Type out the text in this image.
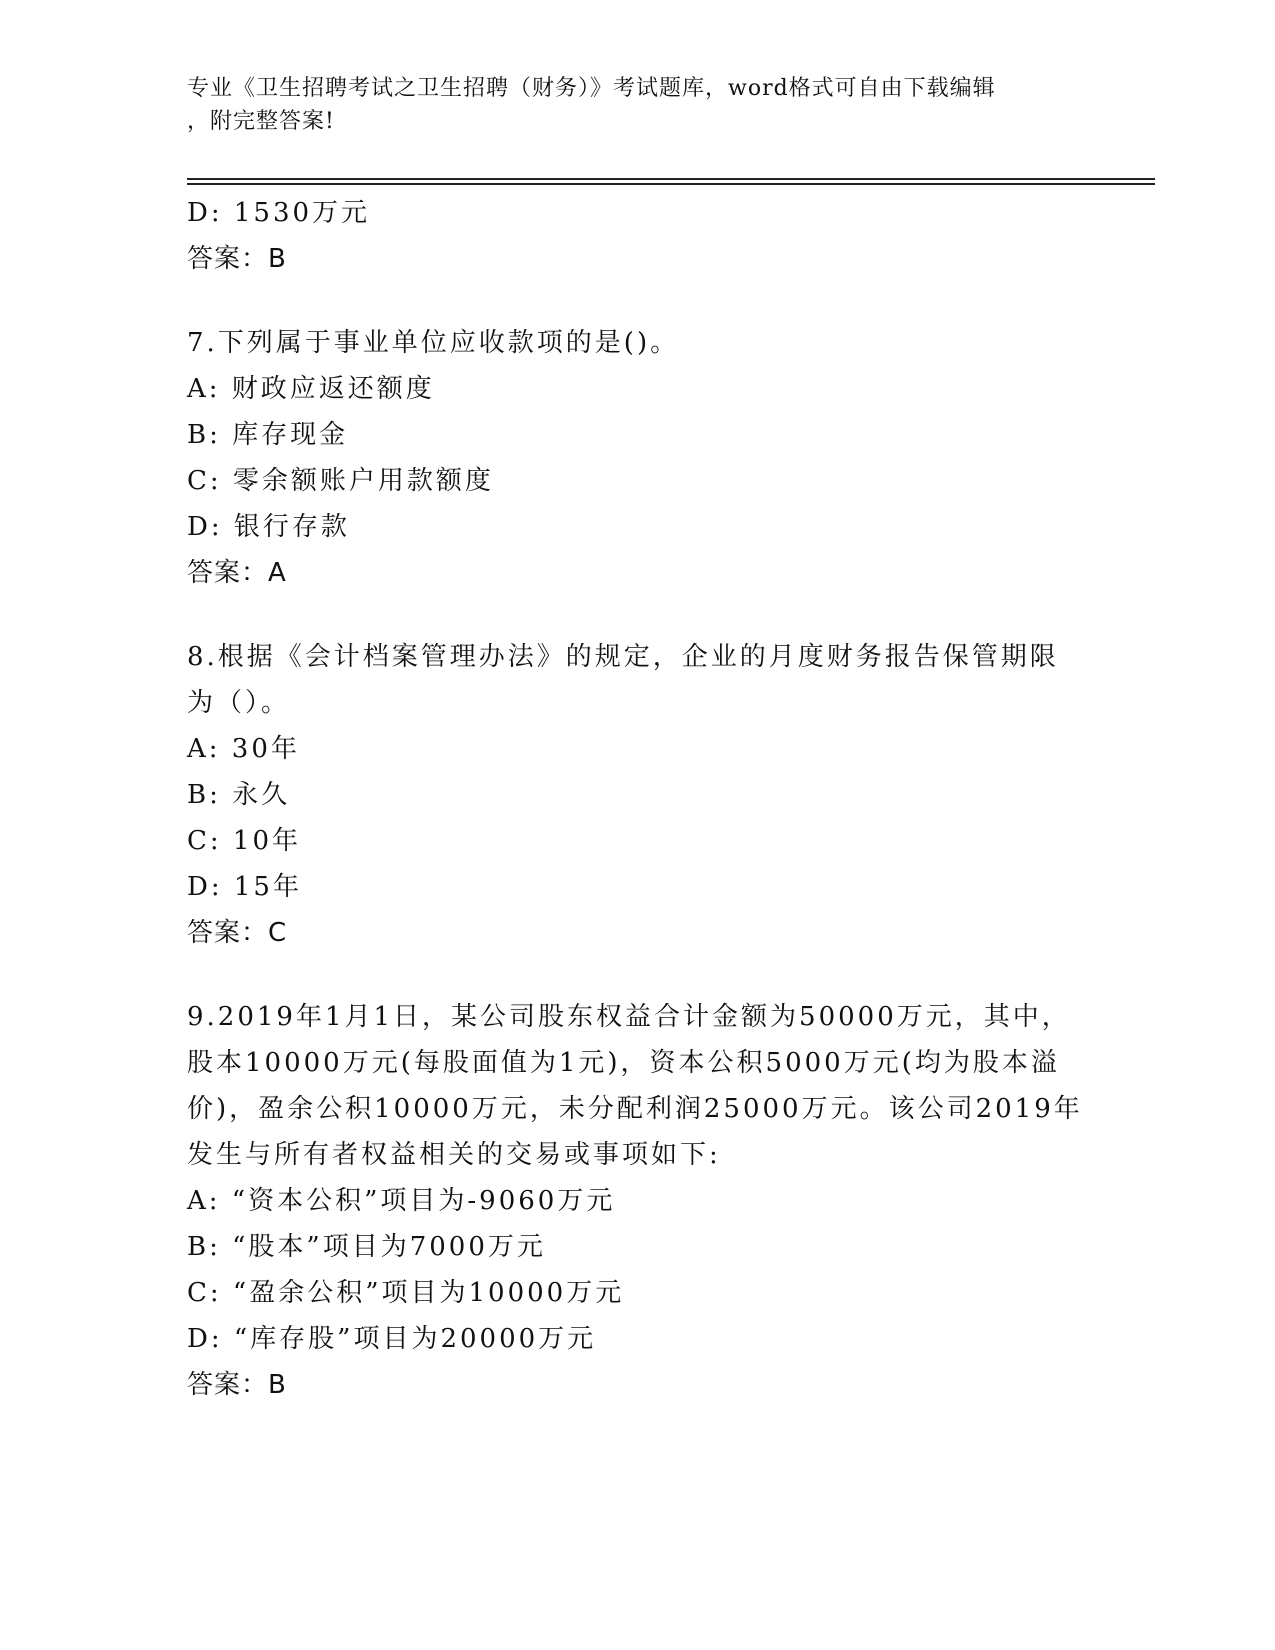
专业《卫生招聘考试之卫生招聘（财务）》考试题库，word格式可自由下载编辑
，附完整答案!
D: 1530万元
答案：B
7.下列属于事业单位应收款项的是()。
A: 财政应返还额度
B: 库存现金
C: 零余额账户用款额度
D: 银行存款
答案：A
8.根据《会计档案管理办法》的规定，企业的月度财务报告保管期限
为（）。
A: 30年
B: 永久
C: 10年
D: 15年
答案：C
9.2019年1月1日，某公司股东权益合计金额为50000万元，其中，
股本10000万元(每股面值为1元)，资本公积5000万元(均为股本溢
价)，盈余公积10000万元，未分配利润25000万元。该公司2019年
发生与所有者权益相关的交易或事项如下:
A: “资本公积”项目为-9060万元
B: “股本”项目为7000万元
C: “盈余公积”项目为10000万元
D: “库存股”项目为20000万元
答案：B
